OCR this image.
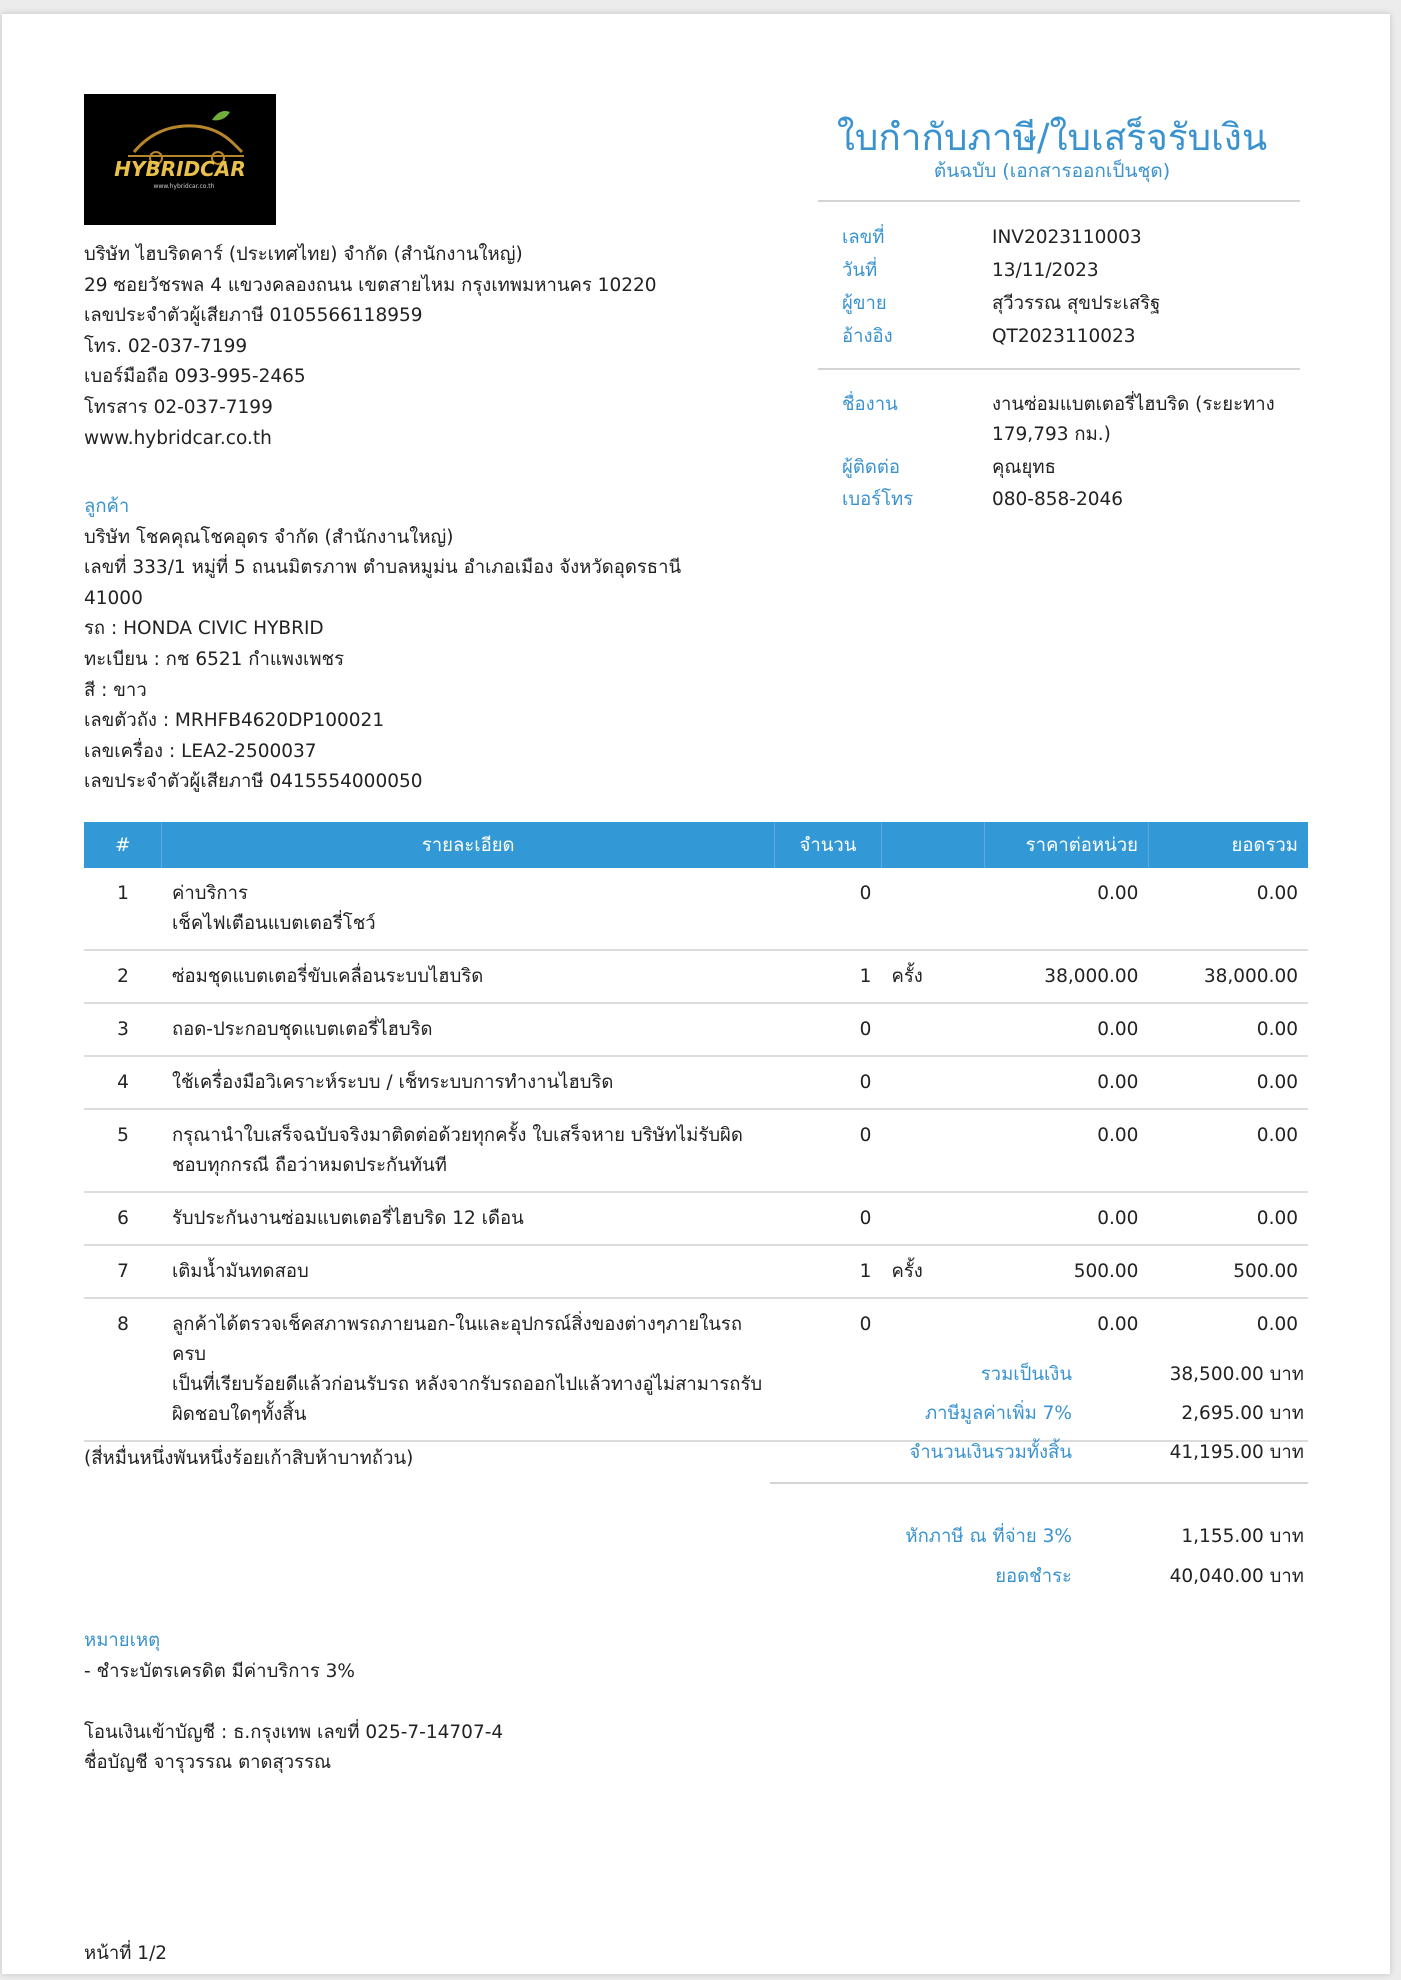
HYBRIDCAR
www.hybridcar.co.th
บริษัท ไฮบริดคาร์ (ประเทศไทย) จำกัด (สำนักงานใหญ่)
29 ซอยวัชรพล 4 แขวงคลองถนน เขตสายไหม กรุงเทพมหานคร 10220
เลขประจำตัวผู้เสียภาษี 0105566118959
โทร. 02-037-7199
เบอร์มือถือ 093-995-2465
โทรสาร 02-037-7199
www.hybridcar.co.th
ใบกำกับภาษี/ใบเสร็จรับเงิน
ต้นฉบับ (เอกสารออกเป็นชุด)
เลขที่	INV2023110003
วันที่	13/11/2023
ผู้ขาย	สุวีวรรณ สุขประเสริฐ
อ้างอิง	QT2023110023
ชื่องาน	งานซ่อมแบตเตอรี่ไฮบริด (ระยะทาง
179,793 กม.)
ผู้ติดต่อ	คุณยุทธ
เบอร์โทร	080-858-2046
ลูกค้า
บริษัท โชคคุณโชคอุดร จำกัด (สำนักงานใหญ่)
เลขที่ 333/1 หมู่ที่ 5 ถนนมิตรภาพ ตำบลหมูม่น อำเภอเมือง จังหวัดอุดรธานี
41000
รถ : HONDA CIVIC HYBRID
ทะเบียน : กช 6521 กำแพงเพชร
สี : ขาว
เลขตัวถัง : MRHFB4620DP100021
เลขเครื่อง : LEA2-2500037
เลขประจำตัวผู้เสียภาษี 0415554000050
#	รายละเอียด	จำนวน		ราคาต่อหน่วย	ยอดรวม
1	ค่าบริการ
เช็คไฟเตือนแบตเตอรี่โชว์	0		0.00	0.00
2	ซ่อมชุดแบตเตอรี่ขับเคลื่อนระบบไฮบริด	1	ครั้ง	38,000.00	38,000.00
3	ถอด-ประกอบชุดแบตเตอรี่ไฮบริด	0		0.00	0.00
4	ใช้เครื่องมือวิเคราะห์ระบบ / เช็ทระบบการทำงานไฮบริด	0		0.00	0.00
5	กรุณานำใบเสร็จฉบับจริงมาติดต่อด้วยทุกครั้ง ใบเสร็จหาย บริษัทไม่รับผิด
ชอบทุกกรณี ถือว่าหมดประกันทันที	0		0.00	0.00
6	รับประกันงานซ่อมแบตเตอรี่ไฮบริด 12 เดือน	0		0.00	0.00
7	เติมน้ำมันทดสอบ	1	ครั้ง	500.00	500.00
8	ลูกค้าได้ตรวจเช็คสภาพรถภายนอก-ในและอุปกรณ์สิ่งของต่างๆภายในรถครบ
เป็นที่เรียบร้อยดีแล้วก่อนรับรถ หลังจากรับรถออกไปแล้วทางอู่ไม่สามารถรับ
ผิดชอบใดๆทั้งสิ้น	0		0.00	0.00
(สี่หมื่นหนึ่งพันหนึ่งร้อยเก้าสิบห้าบาทถ้วน)
รวมเป็นเงิน	38,500.00 บาท
ภาษีมูลค่าเพิ่ม 7%	2,695.00 บาท
จำนวนเงินรวมทั้งสิ้น	41,195.00 บาท
หักภาษี ณ ที่จ่าย 3%	1,155.00 บาท
ยอดชำระ	40,040.00 บาท
หมายเหตุ
- ชำระบัตรเครดิต มีค่าบริการ 3%
โอนเงินเข้าบัญชี : ธ.กรุงเทพ เลขที่ 025-7-14707-4
ชื่อบัญชี จารุวรรณ ตาดสุวรรณ
หน้าที่ 1/2
